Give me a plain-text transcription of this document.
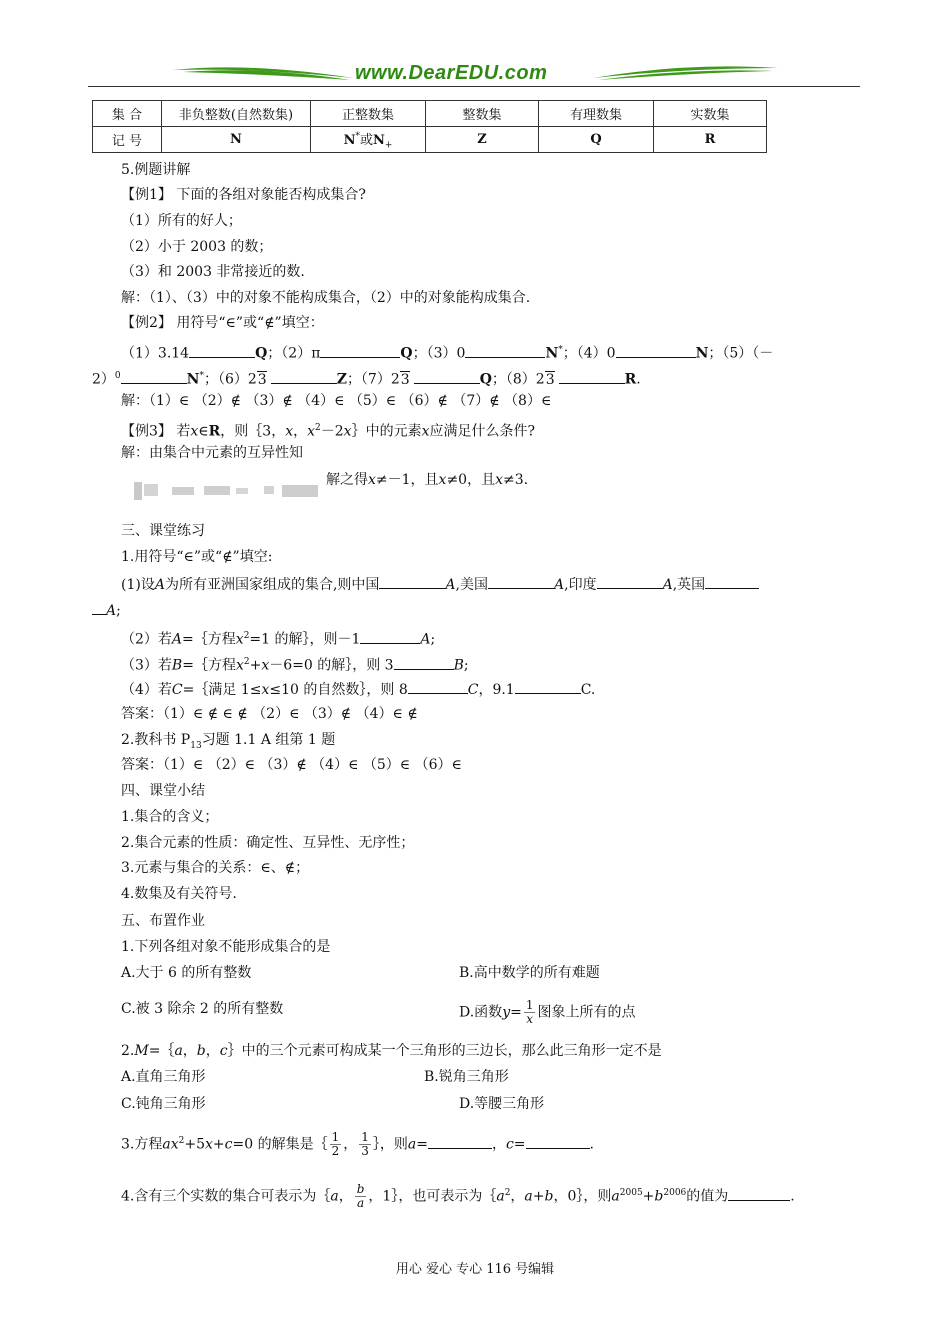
www.DearEDU.com
集 合	非负整数(自然数集)	正整数集	整数集	有理数集	实数集
记 号	N	N*或$N_+$	Z	Q	R
5.例题讲解
【例1】 下面的各组对象能否构成集合?
（1）所有的好人；
（2）小于 2003 的数；
（3）和 2003 非常接近的数.
解：（1）、（3）中的对象不能构成集合，（2）中的对象能构成集合.
【例2】 用符号“∈”或“∉”填空：
（1）3.14	Q；（2）π	Q；（3）0	N*；（4）0	N；（5）（－
2）$^0$	N*；（6）23	Z；（7）23	Q；（8）23	R.
解：（1）∈ （2）∉ （3）∉ （4）∈ （5）∈ （6）∉ （7）∉ （8）∈
【例3】 若x∈R，则｛3，x，$x^2-2x\}$中的元素x应满足什么条件?
解：由集合中元素的互异性知
解之得x≠－1，且x≠0，且x≠3.
三、课堂练习
1.用符号“∈”或“∉”填空:
(1)设A为所有亚洲国家组成的集合,则中国	A,美国	A,印度	A,英国
A;
（2）若A=｛方程$x^2=1$ 的解｝，则－1	A;
（3）若B=｛方程$x^2+x-6=0$ 的解｝，则 3	B;
（4）若C=｛满足 1≤x≤10 的自然数｝，则 8	C，9.1	C.
答案：（1）∈ ∉ ∈ ∉ （2）∈ （3）∉ （4）∈ ∉
2.教科书 $P_{13}$习题 1.1 A 组第 1 题
答案：（1）∈ （2）∈ （3）∉ （4）∈ （5）∈ （6）∈
四、课堂小结
1.集合的含义；
2.集合元素的性质：确定性、互异性、无序性；
3.元素与集合的关系：∈、∉；
4.数集及有关符号.
五、布置作业
1.下列各组对象不能形成集合的是
A.大于 6 的所有整数	B.高中数学的所有难题
C.被 3 除余 2 的所有整数	D.函数$y= \frac{1}{x}$ 图象上所有的点
2.M=｛a，b，c｝中的三个元素可构成某一个三角形的三边长，那么此三角形一定不是
A.直角三角形	B.锐角三角形
C.钝角三角形	D.等腰三角形
3.方程$ax^2+5x+c=0$ 的解集是｛ $\frac{1}{2}$ ， $\frac{1}{3}$ ｝，则a=	，c=	.
4.含有三个实数的集合可表示为｛a， $\frac{b}{a}$ ，1｝，也可表示为$\{a^2$，a+b，0｝，则$a^{2005}+b^{2006}$的值为	.
用心 爱心 专心 116 号编辑
